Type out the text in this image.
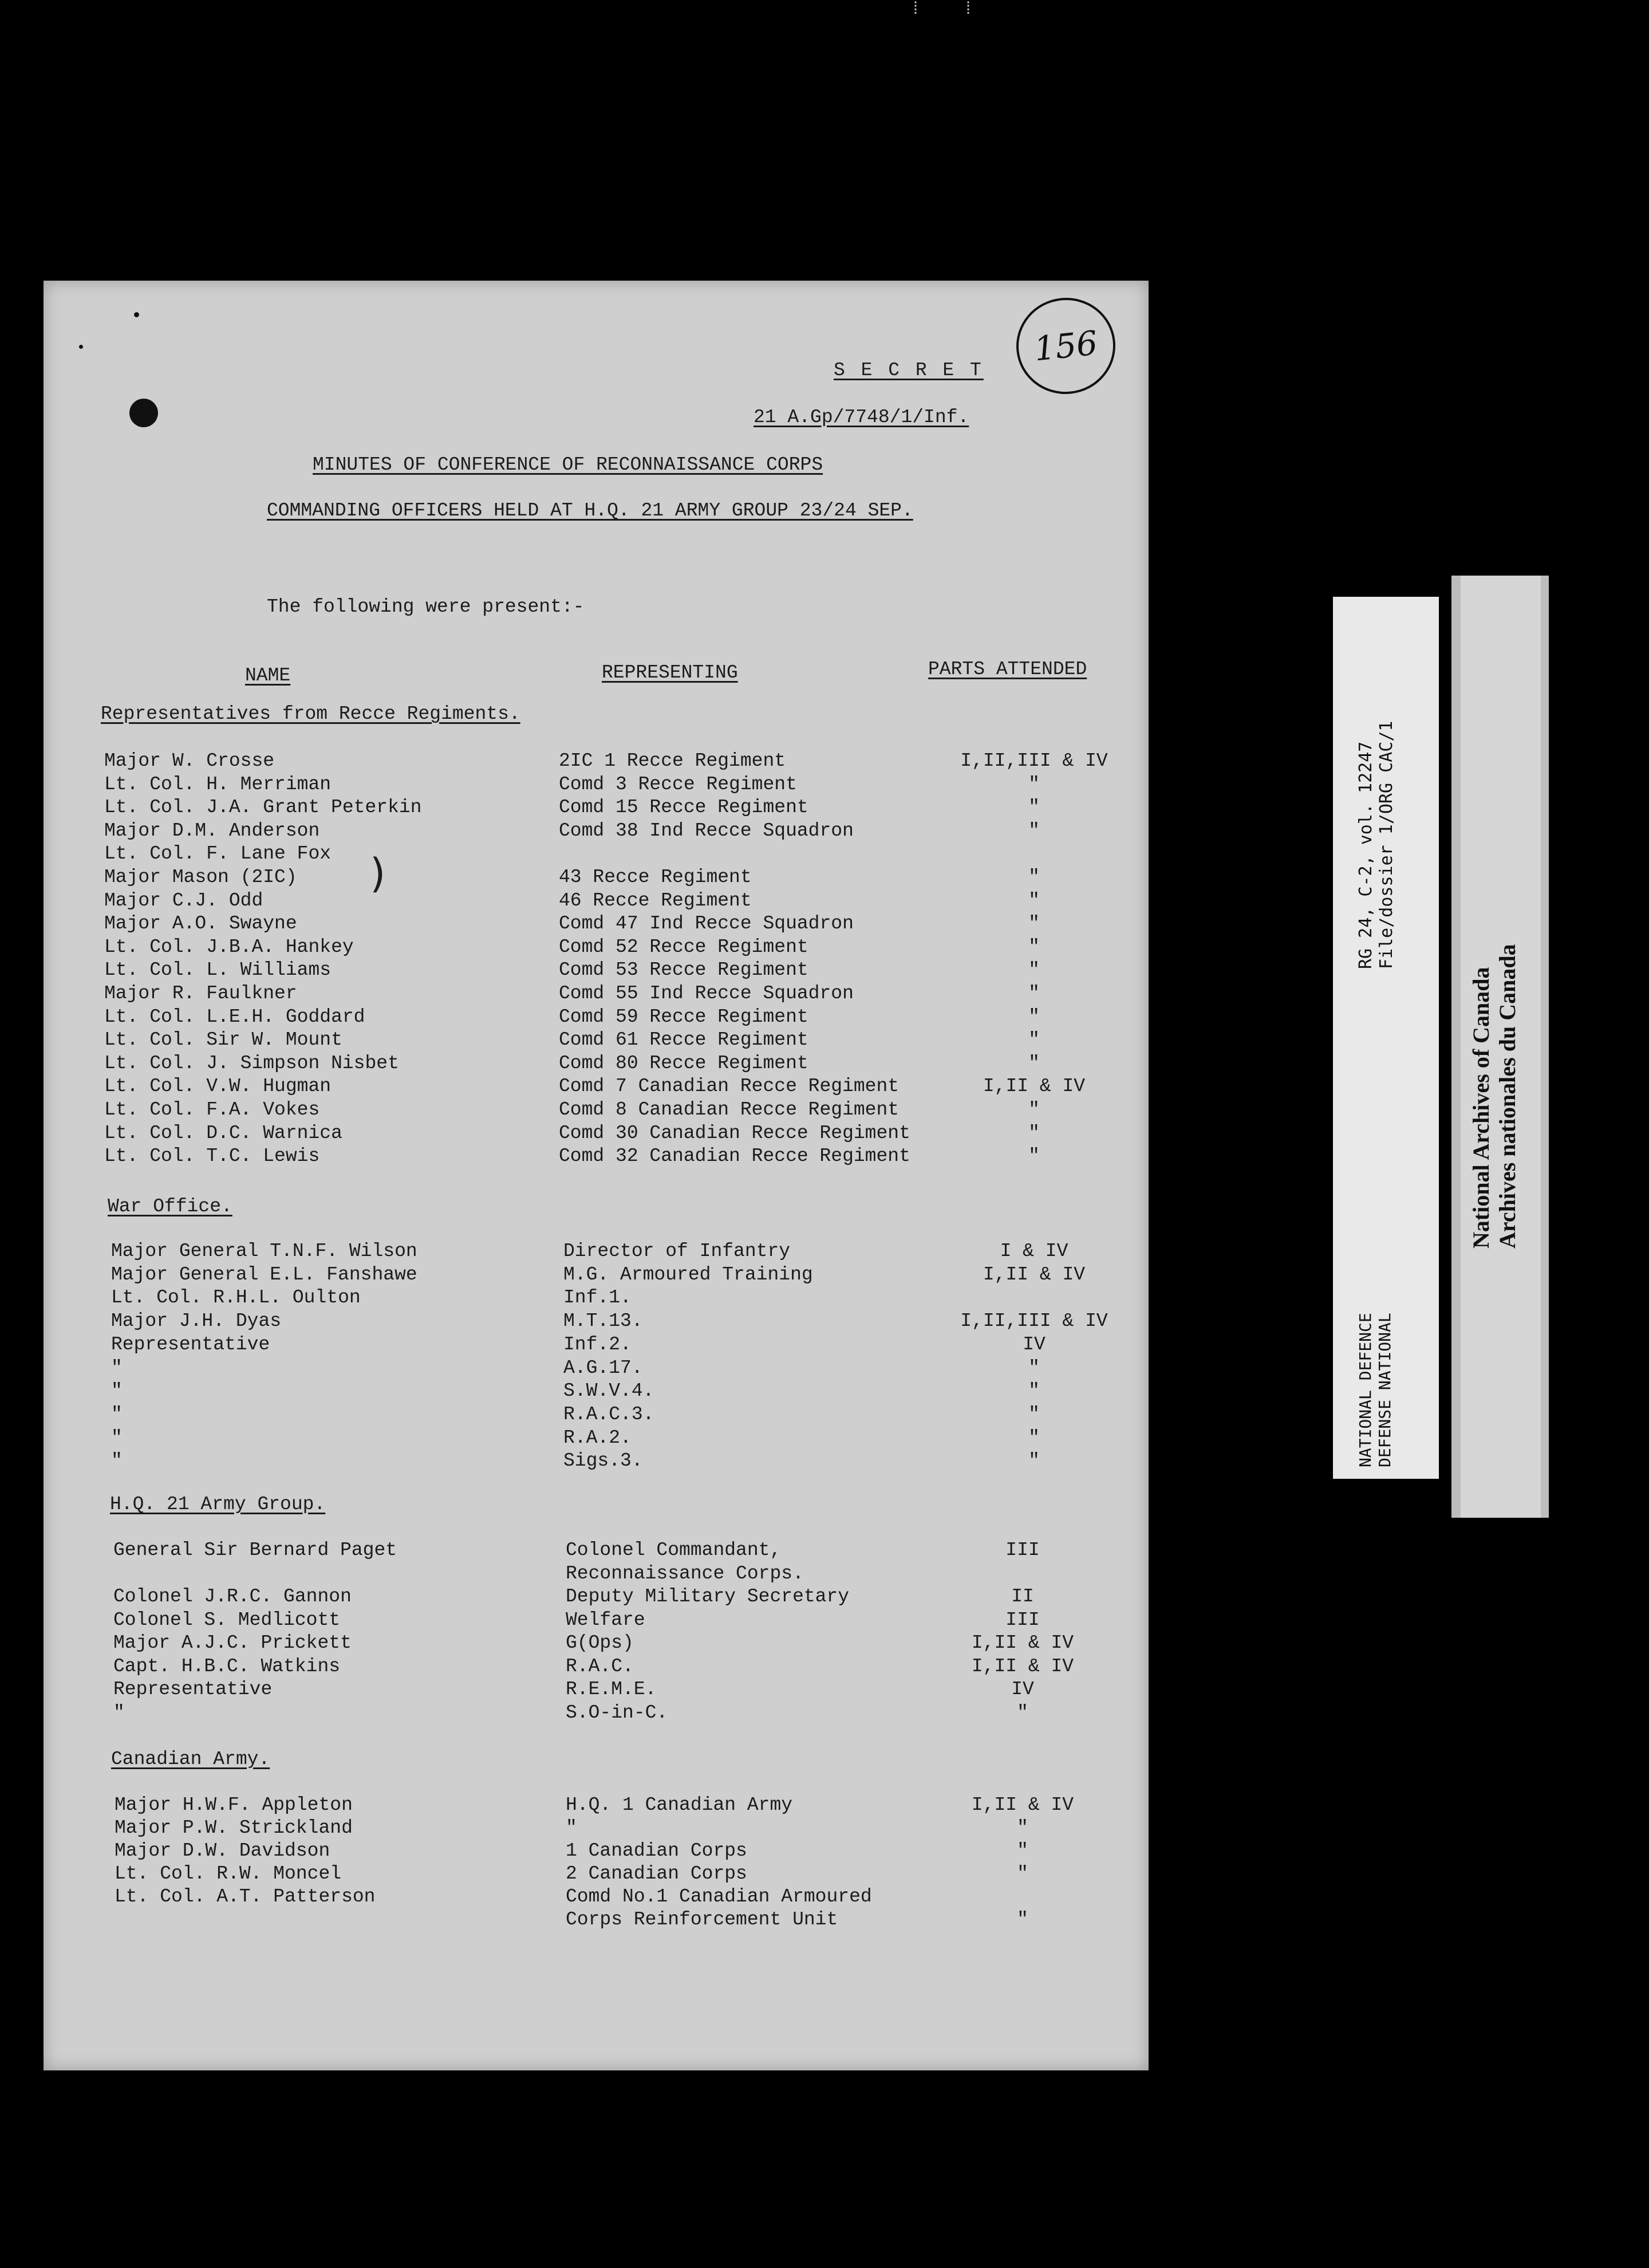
⁞ ⁞
S E C R E T
21 A.Gp/7748/1/Inf.
MINUTES OF CONFERENCE OF RECONNAISSANCE CORPS
COMMANDING OFFICERS HELD AT H.Q. 21 ARMY GROUP 23/24 SEP.
The following were present:-
NAME	REPRESENTING	PARTS ATTENDED
Representatives from Recce Regiments.
Major W. Crosse	2IC 1 Recce Regiment	I,II,III & IV
Lt. Col. H. Merriman	Comd 3 Recce Regiment	"
Lt. Col. J.A. Grant Peterkin	Comd 15 Recce Regiment	"
Major D.M. Anderson	Comd 38 Ind Recce Squadron	"
Lt. Col. F. Lane Fox
Major Mason (2IC)	43 Recce Regiment	"
Major C.J. Odd	46 Recce Regiment	"
Major A.O. Swayne	Comd 47 Ind Recce Squadron	"
Lt. Col. J.B.A. Hankey	Comd 52 Recce Regiment	"
Lt. Col. L. Williams	Comd 53 Recce Regiment	"
Major R. Faulkner	Comd 55 Ind Recce Squadron	"
Lt. Col. L.E.H. Goddard	Comd 59 Recce Regiment	"
Lt. Col. Sir W. Mount	Comd 61 Recce Regiment	"
Lt. Col. J. Simpson Nisbet	Comd 80 Recce Regiment	"
Lt. Col. V.W. Hugman	Comd 7 Canadian Recce Regiment	I,II & IV
Lt. Col. F.A. Vokes	Comd 8 Canadian Recce Regiment	"
Lt. Col. D.C. Warnica	Comd 30 Canadian Recce Regiment	"
Lt. Col. T.C. Lewis	Comd 32 Canadian Recce Regiment	"
War Office.
Major General T.N.F. Wilson	Director of Infantry	I & IV
Major General E.L. Fanshawe	M.G. Armoured Training	I,II & IV
Lt. Col. R.H.L. Oulton	Inf.1.
Major J.H. Dyas	M.T.13.	I,II,III & IV
Representative	Inf.2.	IV
"	A.G.17.	"
"	S.W.V.4.	"
"	R.A.C.3.	"
"	R.A.2.	"
"	Sigs.3.	"
H.Q. 21 Army Group.
General Sir Bernard Paget	Colonel Commandant,	III
Reconnaissance Corps.
Colonel J.R.C. Gannon	Deputy Military Secretary	II
Colonel S. Medlicott	Welfare	III
Major A.J.C. Prickett	G(Ops)	I,II & IV
Capt. H.B.C. Watkins	R.A.C.	I,II & IV
Representative	R.E.M.E.	IV
"	S.O-in-C.	"
Canadian Army.
Major H.W.F. Appleton	H.Q. 1 Canadian Army	I,II & IV
Major P.W. Strickland	"	"
Major D.W. Davidson	1 Canadian Corps	"
Lt. Col. R.W. Moncel	2 Canadian Corps	"
Lt. Col. A.T. Patterson	Comd No.1 Canadian Armoured
Corps Reinforcement Unit	"
)
156
RG 24, C-2, vol. 12247 File/dossier 1/ORG CAC/1
NATIONAL DEFENCE DEFENSE NATIONAL
National Archives of Canada Archives nationales du Canada
